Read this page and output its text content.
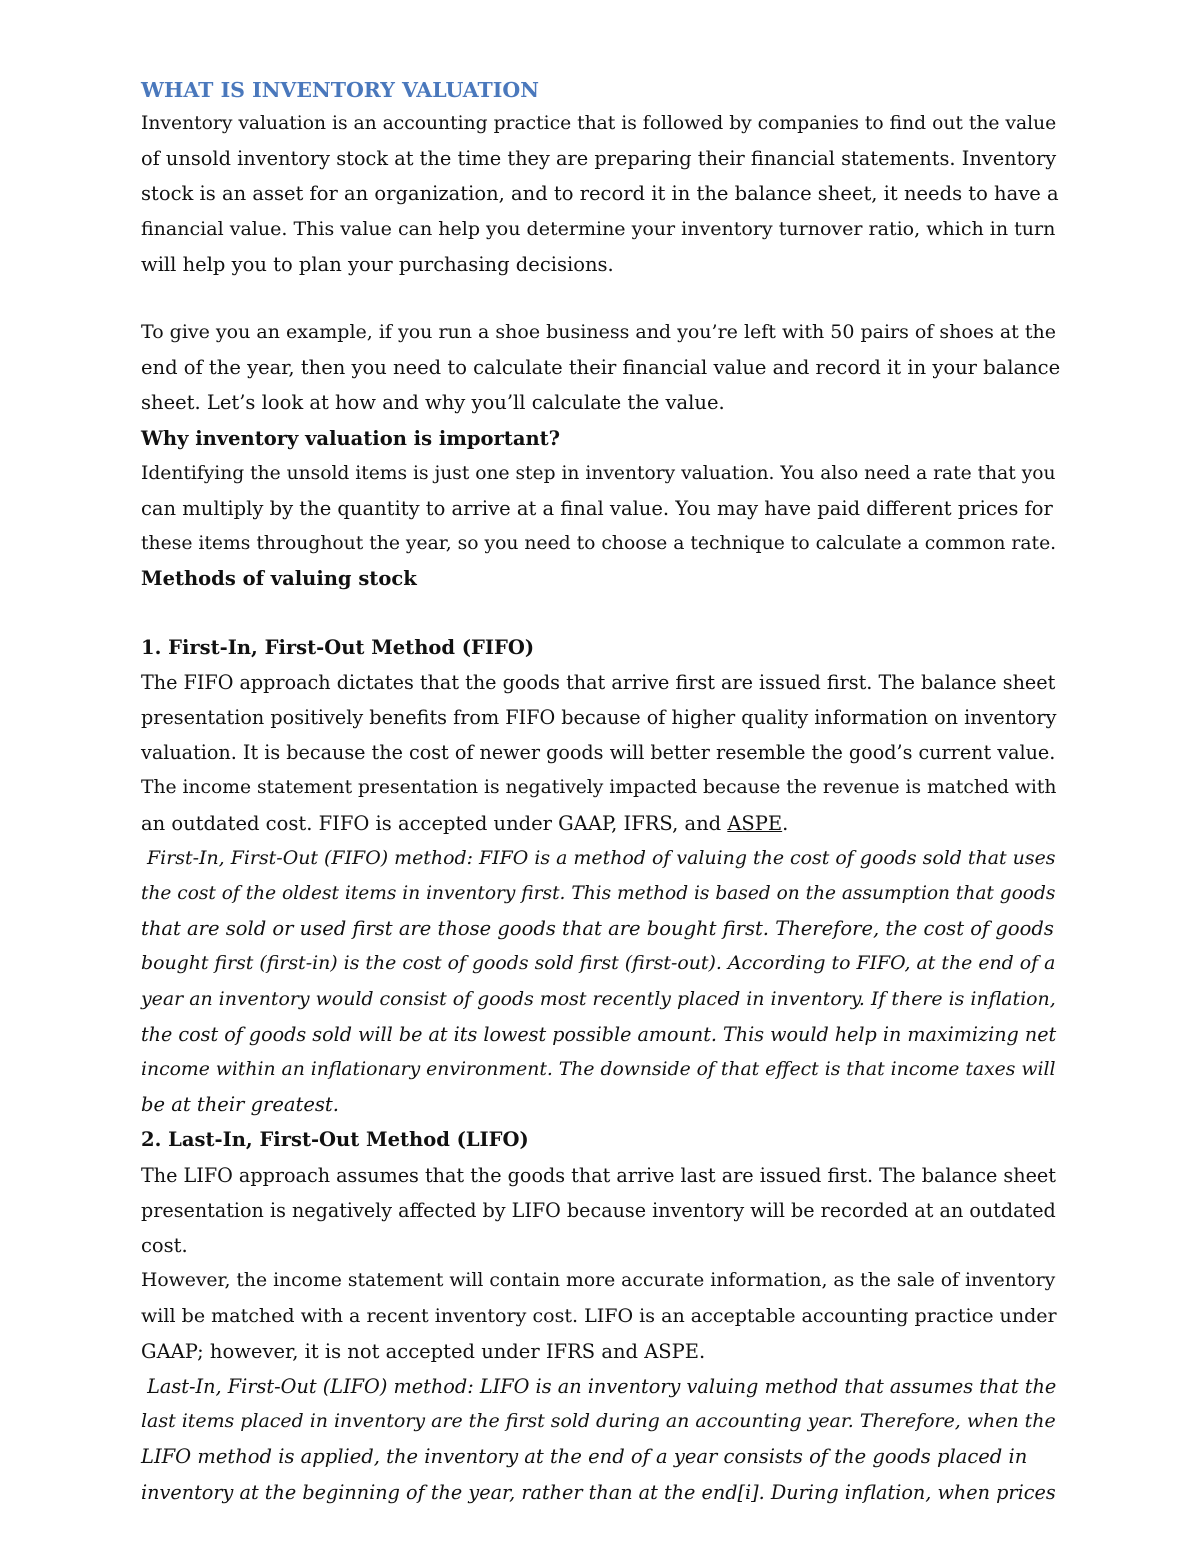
WHAT IS INVENTORY VALUATION

Inventory valuation is an accounting practice that is followed by companies to find out the value

of unsold inventory stock at the time they are preparing their financial statements. Inventory

stock is an asset for an organization, and to record it in the balance sheet, it needs to have a

financial value. This value can help you determine your inventory turnover ratio, which in turn

will help you to plan your purchasing decisions.

To give you an example, if you run a shoe business and you’re left with 50 pairs of shoes at the

end of the year, then you need to calculate their financial value and record it in your balance

sheet. Let’s look at how and why you’ll calculate the value.

Why inventory valuation is important?

Identifying the unsold items is just one step in inventory valuation. You also need a rate that you

can multiply by the quantity to arrive at a final value. You may have paid different prices for

these items throughout the year, so you need to choose a technique to calculate a common rate.

Methods of valuing stock

1. First-In, First-Out Method (FIFO)

The FIFO approach dictates that the goods that arrive first are issued first. The balance sheet

presentation positively benefits from FIFO because of higher quality information on inventory

valuation. It is because the cost of newer goods will better resemble the good’s current value.

The income statement presentation is negatively impacted because the revenue is matched with

an outdated cost. FIFO is accepted under GAAP, IFRS, and ASPE.

First-In, First-Out (FIFO) method: FIFO is a method of valuing the cost of goods sold that uses

the cost of the oldest items in inventory first. This method is based on the assumption that goods

that are sold or used first are those goods that are bought first. Therefore, the cost of goods

bought first (first-in) is the cost of goods sold first (first-out). According to FIFO, at the end of a

year an inventory would consist of goods most recently placed in inventory. If there is inflation,

the cost of goods sold will be at its lowest possible amount. This would help in maximizing net

income within an inflationary environment. The downside of that effect is that income taxes will

be at their greatest.

2. Last-In, First-Out Method (LIFO)

The LIFO approach assumes that the goods that arrive last are issued first. The balance sheet

presentation is negatively affected by LIFO because inventory will be recorded at an outdated

cost.

However, the income statement will contain more accurate information, as the sale of inventory

will be matched with a recent inventory cost. LIFO is an acceptable accounting practice under

GAAP; however, it is not accepted under IFRS and ASPE.

Last-In, First-Out (LIFO) method: LIFO is an inventory valuing method that assumes that the

last items placed in inventory are the first sold during an accounting year. Therefore, when the

LIFO method is applied, the inventory at the end of a year consists of the goods placed in

inventory at the beginning of the year, rather than at the end[i]. During inflation, when prices
